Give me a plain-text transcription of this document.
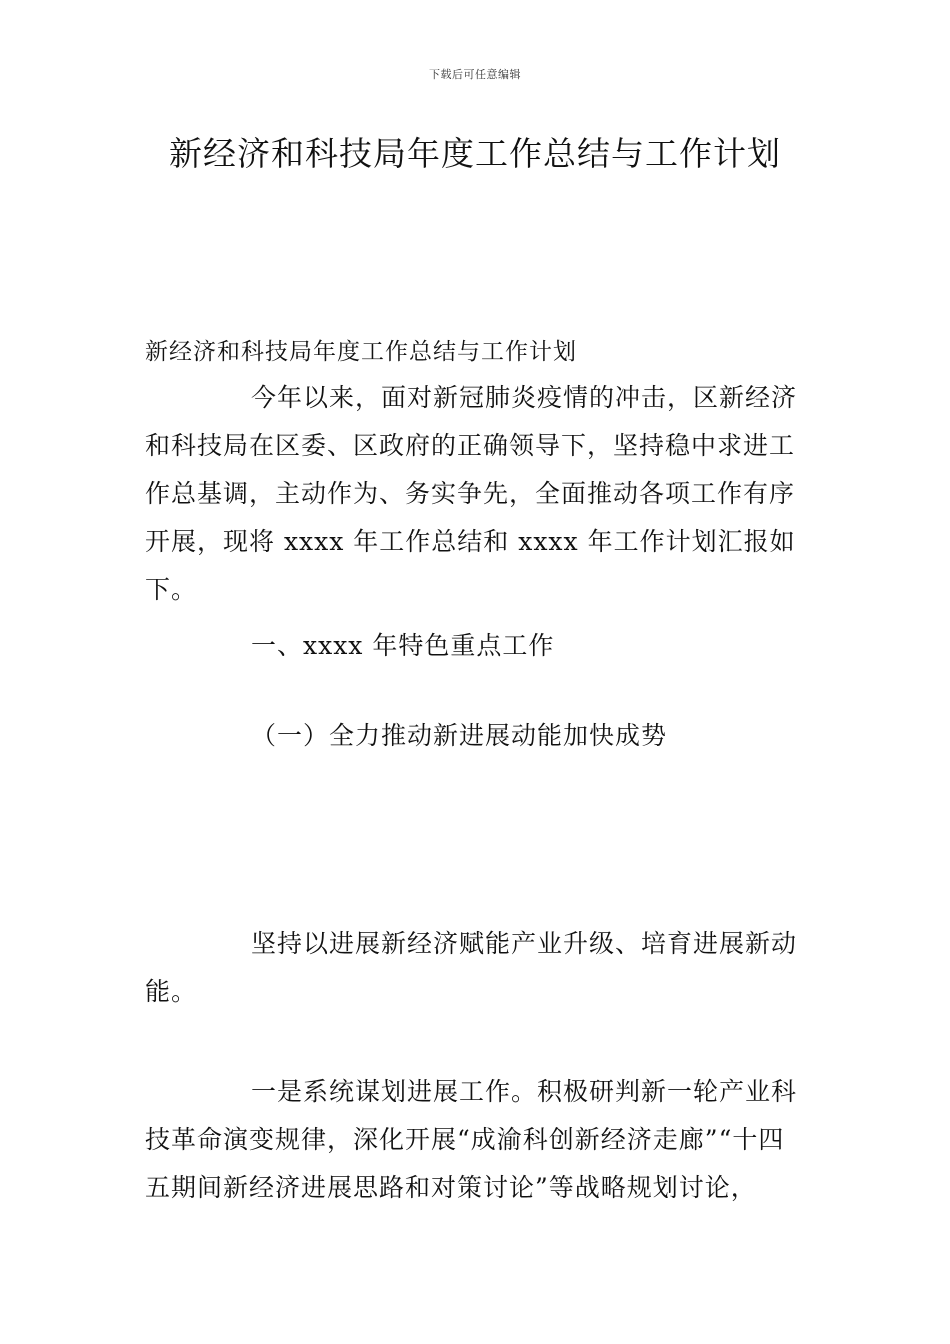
下载后可任意编辑
新经济和科技局年度工作总结与工作计划

新经济和科技局年度工作总结与工作计划

今年以来，面对新冠肺炎疫情的冲击，区新经济和科技局在区委、区政府的正确领导下，坚持稳中求进工作总基调，主动作为、务实争先，全面推动各项工作有序开展，现将 xxxx 年工作总结和 xxxx 年工作计划汇报如下。

一、xxxx 年特色重点工作

（一）全力推动新进展动能加快成势

坚持以进展新经济赋能产业升级、培育进展新动能。

一是系统谋划进展工作。积极研判新一轮产业科技革命演变规律，深化开展“成渝科创新经济走廊”“十四五期间新经济进展思路和对策讨论”等战略规划讨论，
